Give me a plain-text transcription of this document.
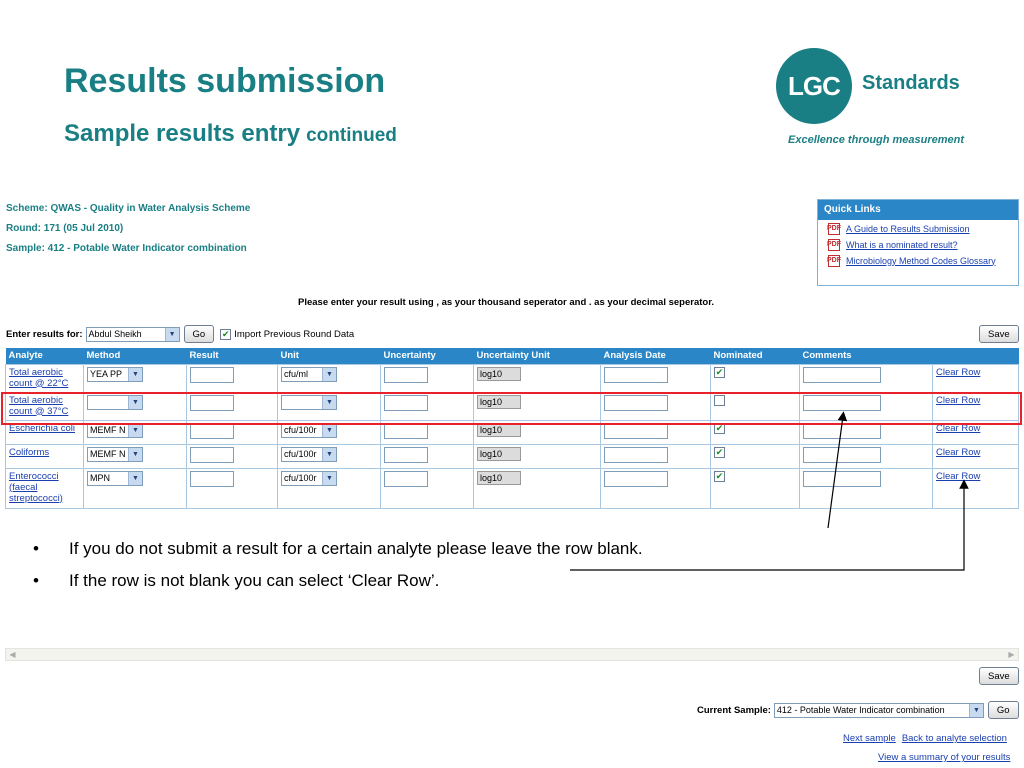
Results submission
Sample results entry continued
LGC	Standards
Excellence through measurement
Scheme: QWAS - Quality in Water Analysis Scheme
Round: 171 (05 Jul 2010)
Sample: 412 - Potable Water Indicator combination
Quick Links
PDF A Guide to Results Submission
PDF What is a nominated result?
PDF Microbiology Method Codes Glossary
Please enter your result using , as your thousand seperator and . as your decimal seperator.
Enter results for: Abdul Sheikh	▼	Go	✔ Import Previous Round Data	Save
Analyte	Method	Result	Unit	Uncertainty	Uncertainty Unit	Analysis Date	Nominated	Comments	

Total aerobic count @ 22°C	YEA PP ▼		cfu/ml ▼		log10		✔		Clear Row

Total aerobic count @ 37°C	▼		▼		log10				Clear Row

Escherichia coli	MEMF N ▼		cfu/100r ▼		log10		✔		Clear Row

Coliforms	MEMF N ▼		cfu/100r ▼		log10		✔		Clear Row

Enterococci (faecal streptococci)	MPN ▼		cfu/100r ▼		log10		✔		Clear Row
•	If you do not submit a result for a certain analyte please leave the row blank.
•	If the row is not blank you can select ‘Clear Row’.
◀	▶
Save
Current Sample: 412 - Potable Water Indicator combination	▼	Go
Next sample Back to analyte selection
View a summary of your results
